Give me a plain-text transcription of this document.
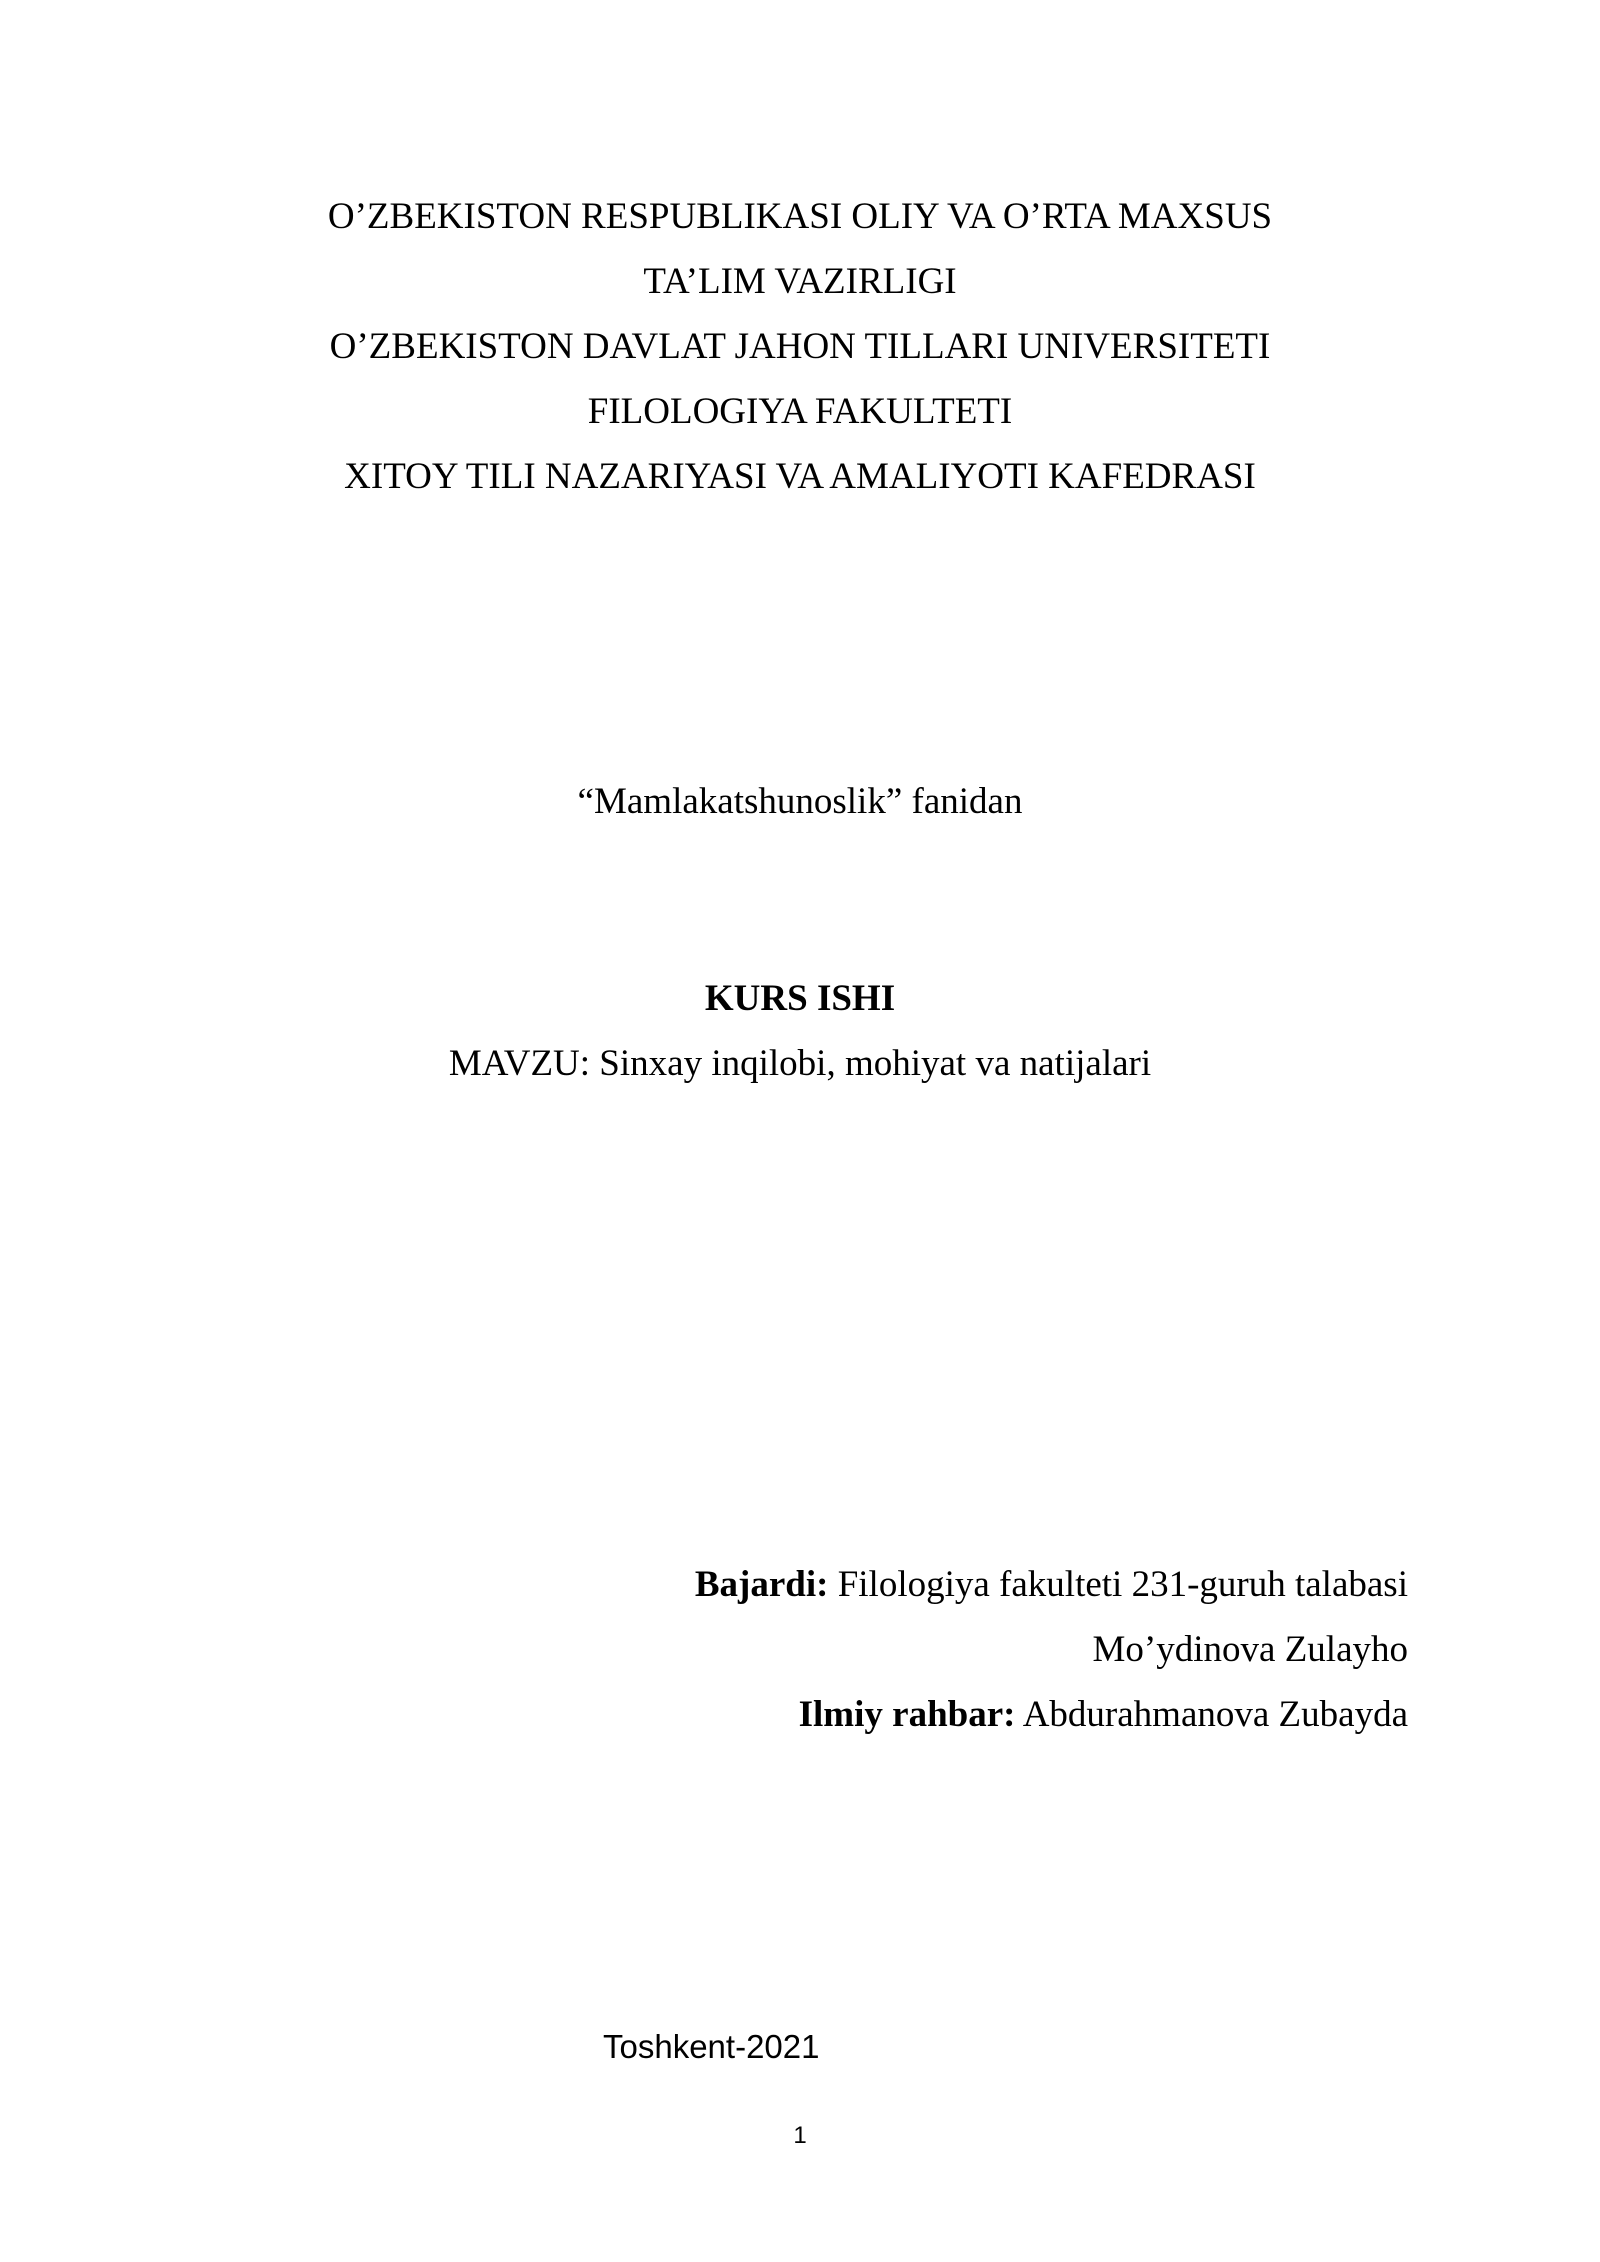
O’ZBEKISTON RESPUBLIKASI OLIY VA O’RTA MAXSUS
TA’LIM VAZIRLIGI
O’ZBEKISTON DAVLAT JAHON TILLARI UNIVERSITETI
FILOLOGIYA FAKULTETI
XITOY TILI NAZARIYASI VA AMALIYOTI KAFEDRASI
“Mamlakatshunoslik” fanidan
KURS ISHI
MAVZU: Sinxay inqilobi, mohiyat va natijalari
Bajardi: Filologiya fakulteti 231-guruh talabasi
Mo’ydinova Zulayho
Ilmiy rahbar: Abdurahmanova Zubayda
Toshkent-2021
1
